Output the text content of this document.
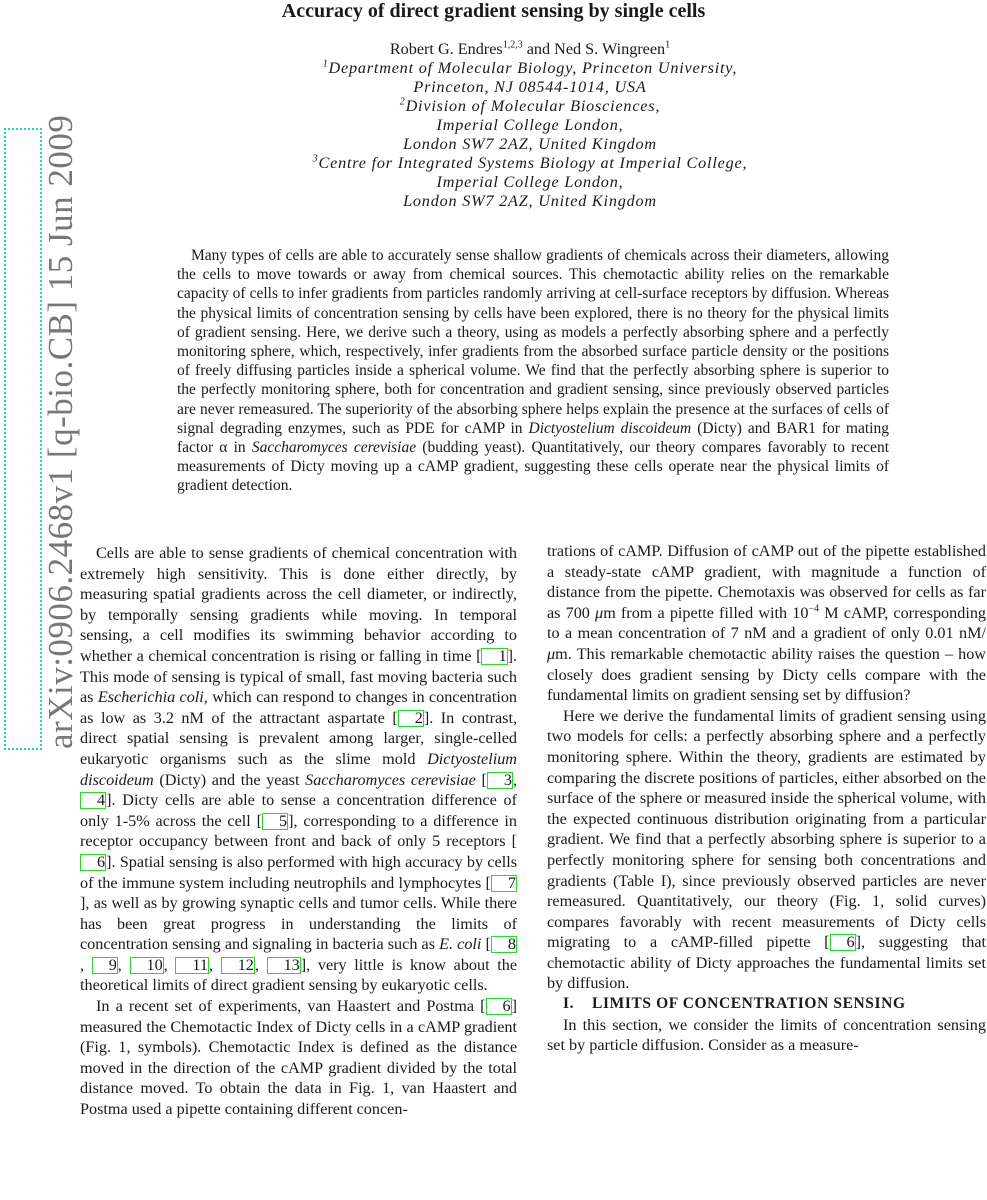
arXiv:0906.2468v1 [q-bio.CB] 15 Jun 2009
Accuracy of direct gradient sensing by single cells
Robert G. Endres$^{1,2,3}$ and Ned S. Wingreen$^1$
$^1$Department of Molecular Biology, Princeton University,
Princeton, NJ 08544-1014, USA
$^2$Division of Molecular Biosciences,
Imperial College London,
London SW7 2AZ, United Kingdom
$^3$Centre for Integrated Systems Biology at Imperial College,
Imperial College London,
London SW7 2AZ, United Kingdom
Many types of cells are able to accurately sense shallow gradients of chemicals across their diameters, allowing the cells to move towards or away from chemical sources. This chemotactic ability relies on the remarkable capacity of cells to infer gradients from particles randomly arriving at cell-surface receptors by diffusion. Whereas the physical limits of concentration sensing by cells have been explored, there is no theory for the physical limits of gradient sensing. Here, we derive such a theory, using as models a perfectly absorbing sphere and a perfectly monitoring sphere, which, respectively, infer gradients from the absorbed surface particle density or the positions of freely diffusing particles inside a spherical volume. We find that the perfectly absorbing sphere is superior to the perfectly monitoring sphere, both for concentration and gradient sensing, since previously observed particles are never remeasured. The superiority of the absorbing sphere helps explain the presence at the surfaces of cells of signal degrading enzymes, such as PDE for cAMP in Dictyostelium discoideum (Dicty) and BAR1 for mating factor α in Saccharomyces cerevisiae (budding yeast). Quantitatively, our theory compares favorably to recent measurements of Dicty moving up a cAMP gradient, suggesting these cells operate near the physical limits of gradient detection.

Cells are able to sense gradients of chemical concentration with extremely high sensitivity. This is done either directly, by measuring spatial gradients across the cell diameter, or indirectly, by temporally sensing gradients while moving. In temporal sensing, a cell modifies its swimming behavior according to whether a chemical concentration is rising or falling in time [ 1]. This mode of sensing is typical of small, fast moving bacteria such as Escherichia coli, which can respond to changes in concentration as low as 3.2 nM of the attractant aspartate [ 2]. In contrast, direct spatial sensing is prevalent among larger, single-celled eukaryotic organisms such as the slime mold Dictyostelium discoideum (Dicty) and the yeast Saccharomyces cerevisiae [ 3, 4]. Dicty cells are able to sense a concentration difference of only 1-5% across the cell [ 5], corresponding to a difference in receptor occupancy between front and back of only 5 receptors [6]. Spatial sensing is also performed with high accuracy by cells of the immune system including neutrophils and lymphocytes [ 7], as well as by growing synaptic cells and tumor cells. While there has been great progress in understanding the limits of concentration sensing and signaling in bacteria such as E. coli [ 8, 9, 10, 11, 12, 13], very little is know about the theoretical limits of direct gradient sensing by eukaryotic cells.

In a recent set of experiments, van Haastert and Postma [ 6] measured the Chemotactic Index of Dicty cells in a cAMP gradient (Fig. 1, symbols). Chemotactic Index is defined as the distance moved in the direction of the cAMP gradient divided by the total distance moved. To obtain the data in Fig. 1, van Haastert and Postma used a pipette containing different concen-

trations of cAMP. Diffusion of cAMP out of the pipette established a steady-state cAMP gradient, with magnitude a function of distance from the pipette. Chemotaxis was observed for cells as far as 700 μm from a pipette filled with $10^{-4}$ M cAMP, corresponding to a mean concentration of 7 nM and a gradient of only 0.01 nM/μm. This remarkable chemotactic ability raises the question – how closely does gradient sensing by Dicty cells compare with the fundamental limits on gradient sensing set by diffusion?

Here we derive the fundamental limits of gradient sensing using two models for cells: a perfectly absorbing sphere and a perfectly monitoring sphere. Within the theory, gradients are estimated by comparing the discrete positions of particles, either absorbed on the surface of the sphere or measured inside the spherical volume, with the expected continuous distribution originating from a particular gradient. We find that a perfectly absorbing sphere is superior to a perfectly monitoring sphere for sensing both concentrations and gradients (Table I), since previously observed particles are never remeasured. Quantitatively, our theory (Fig. 1, solid curves) compares favorably with recent measurements of Dicty cells migrating to a cAMP-filled pipette [ 6], suggesting that chemotactic ability of Dicty approaches the fundamental limits set by diffusion.

I. LIMITS OF CONCENTRATION SENSING

In this section, we consider the limits of concentration sensing set by particle diffusion. Consider as a measure-
